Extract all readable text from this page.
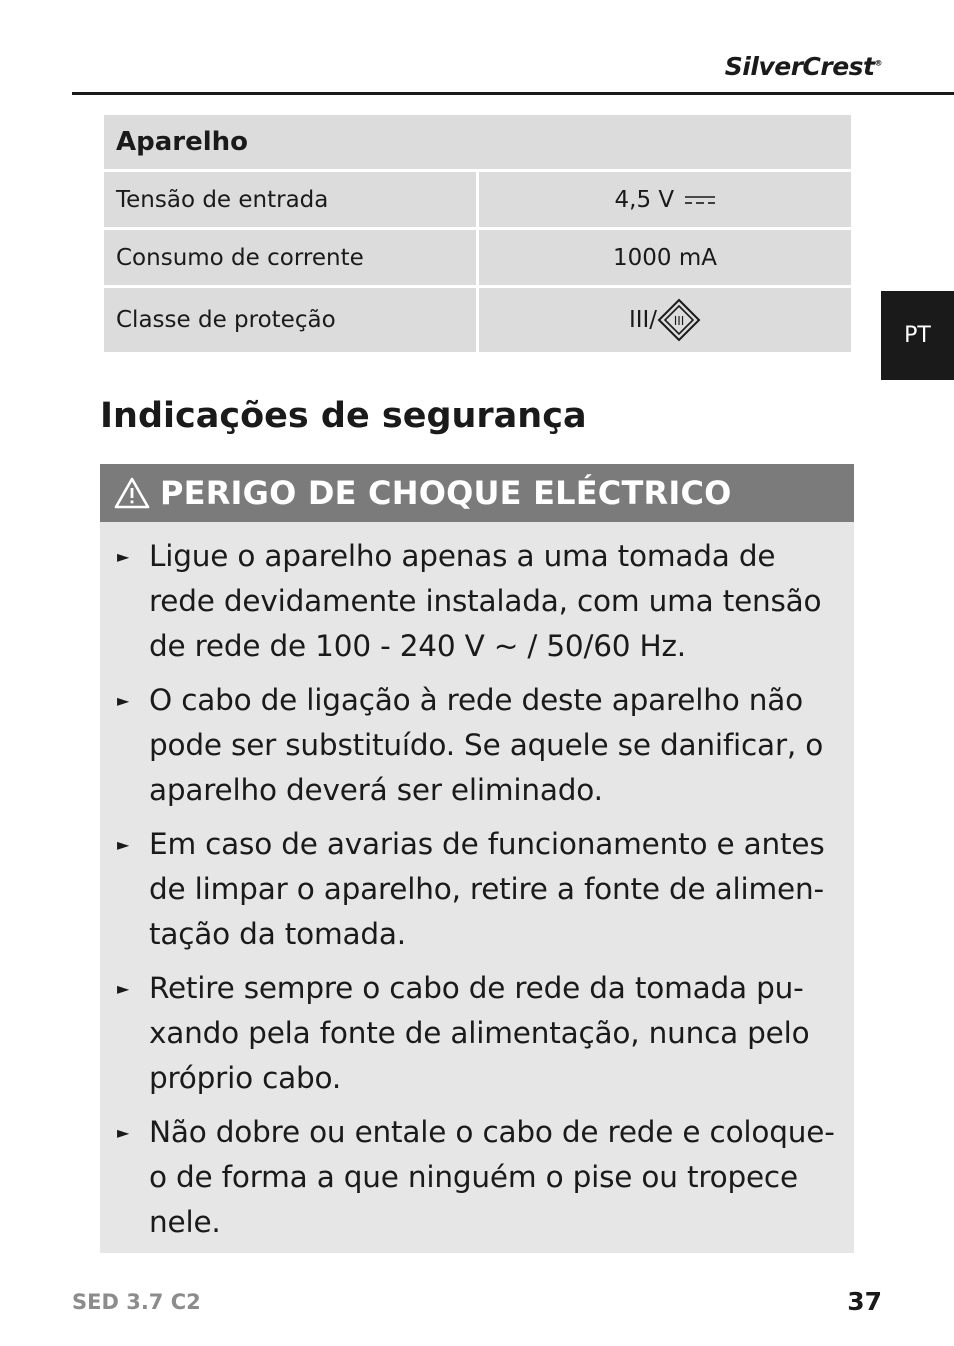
SilverCrest®
Aparelho	
Tensão de entrada	4,5 V
Consumo de corrente	1000 mA
Classe de proteção	III/ III
PT
Indicações de segurança
PERIGO DE CHOQUE ELÉCTRICO
► Ligue o aparelho apenas a uma tomada de rede devidamente instalada, com uma tensão de rede de 100 - 240 V ~ / 50/60 Hz.
► O cabo de ligação à rede deste aparelho não pode ser substituído. Se aquele se danificar, o aparelho deverá ser eliminado.
► Em caso de avarias de funcionamento e antes de limpar o aparelho, retire a fonte de alimen-tação da tomada.
► Retire sempre o cabo de rede da tomada pu-xando pela fonte de alimentação, nunca pelo próprio cabo.
► Não dobre ou entale o cabo de rede e coloque-o de forma a que ninguém o pise ou tropece nele.
SED 3.7 C2	37
